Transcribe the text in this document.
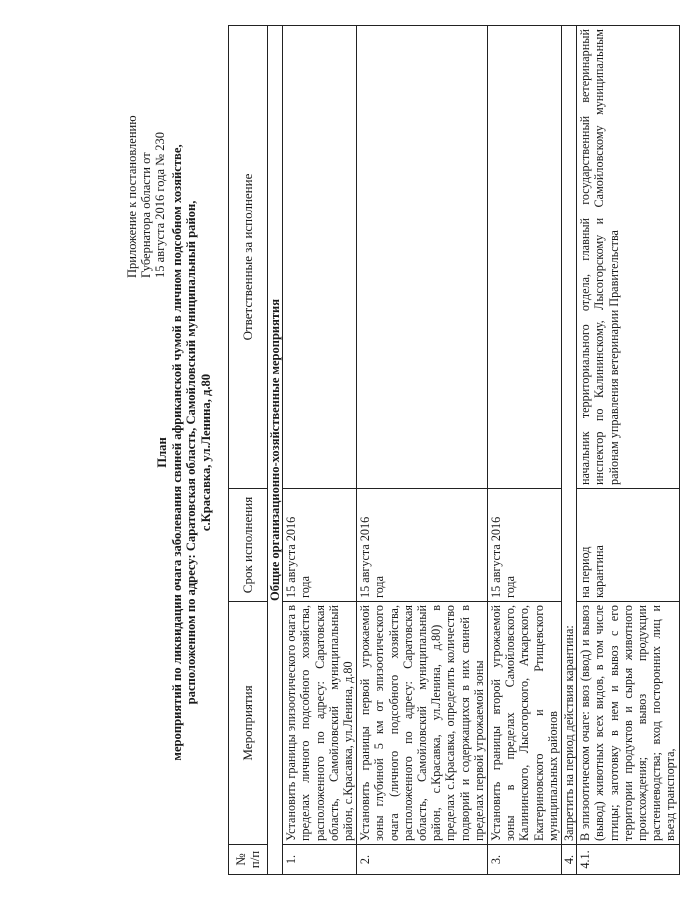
Приложение к постановлению Губернатора области от 15 августа 2016 года № 230
План мероприятий по ликвидации очага заболевания свиней африканской чумой в личном подсобном хозяйстве, расположенном по адресу: Саратовская область, Самойловский муниципальный район, с.Красавка, ул.Ленина, д.80
№ п/п	Мероприятия	Срок исполнения	Ответственные за исполнение
Общие организационно-хозяйственные мероприятия			
1.	Установить границы эпизоотического очага в пределах личного подсобного хозяйства, расположенного по адресу: Саратовская область, Самойловский муниципальный район, с.Красавка, ул.Ленина, д.80	15 августа 2016 года	
2.	Установить границы первой угрожаемой зоны глубиной 5 км от эпизоотического очага (личного подсобного хозяйства, расположенного по адресу: Саратовская область, Самойловский муниципальный район, с.Красавка, ул.Ленина, д.80) в пределах с.Красавка, определить количество подворий и содержащихся в них свиней в пределах первой угрожаемой зоны	15 августа 2016 года	
3.	Установить границы второй угрожаемой зоны в пределах Самойловского, Калининского, Лысогорского, Аткарского, Екатериновского и Ртищевского муниципальных районов	15 августа 2016 года	
4.	Запретить на период действия карантина:		
4.1.	В эпизоотическом очаге: ввоз (ввод) и вывоз (вывод) животных всех видов, в том числе птицы; заготовку в нем и вывоз с его территории продуктов и сырья животного происхождения; вывоз продукции растениеводства; вход посторонних лиц и въезд транспорта,	на период карантина	начальник территориального отдела, главный государственный ветеринарный инспектор по Калининскому, Лысогорскому и Самойловскому муниципальным районам управления ветеринарии Правительства
